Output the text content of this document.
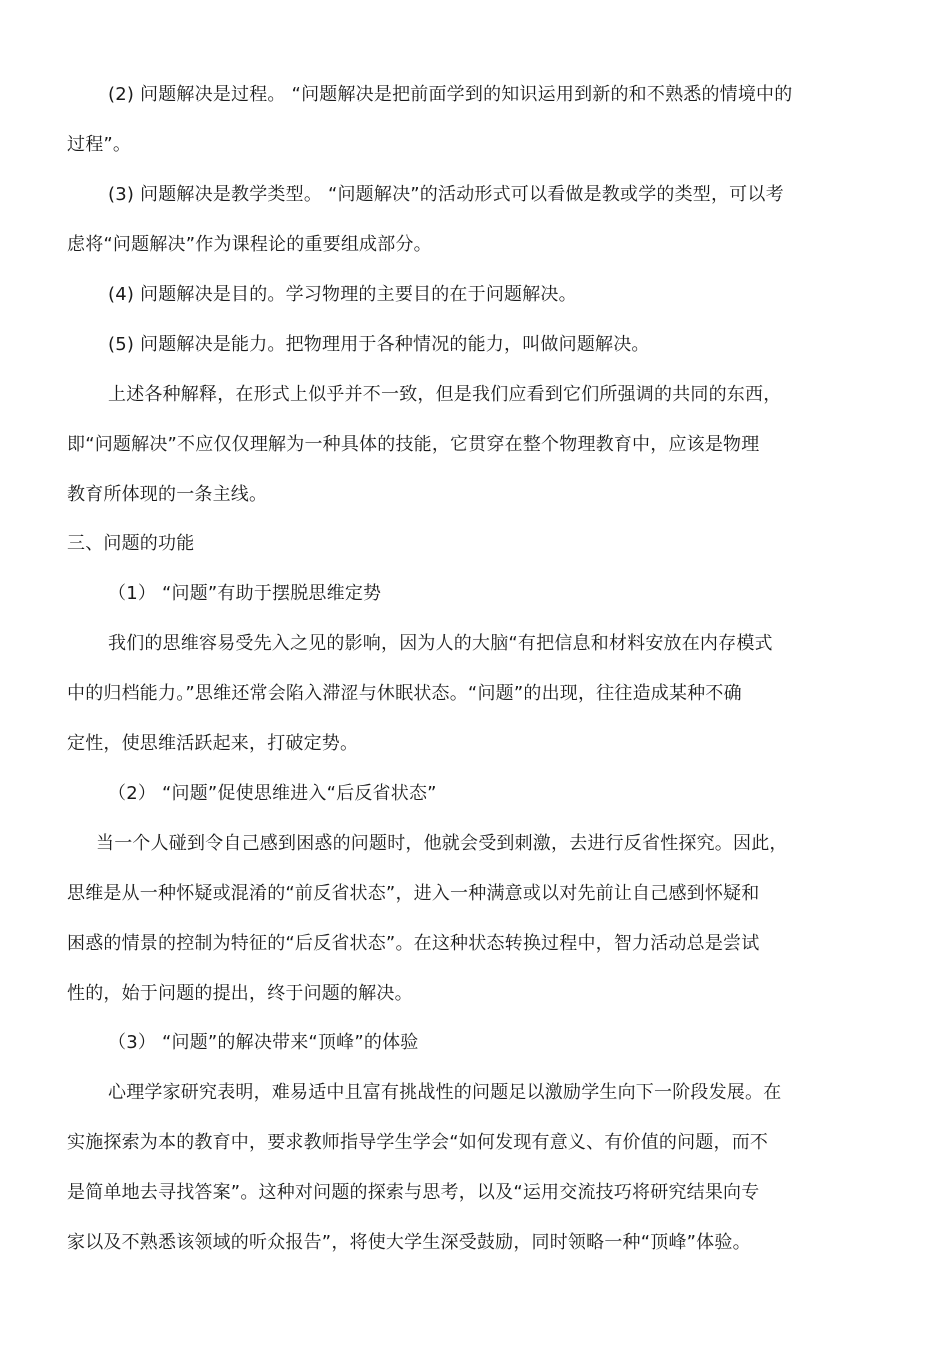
(2) 问题解决是过程。 “问题解决是把前面学到的知识运用到新的和不熟悉的情境中的
过程”。
(3) 问题解决是教学类型。 “问题解决”的活动形式可以看做是教或学的类型，可以考
虑将“问题解决”作为课程论的重要组成部分。
(4) 问题解决是目的。学习物理的主要目的在于问题解决。
(5) 问题解决是能力。把物理用于各种情况的能力，叫做问题解决。
上述各种解释，在形式上似乎并不一致，但是我们应看到它们所强调的共同的东西，
即“问题解决”不应仅仅理解为一种具体的技能，它贯穿在整个物理教育中，应该是物理
教育所体现的一条主线。
三、问题的功能
（1） “问题”有助于摆脱思维定势
我们的思维容易受先入之见的影响，因为人的大脑“有把信息和材料安放在内存模式
中的归档能力。”思维还常会陷入滞涩与休眠状态。“问题”的出现，往往造成某种不确
定性，使思维活跃起来，打破定势。
（2） “问题”促使思维进入“后反省状态”
当一个人碰到令自己感到困惑的问题时，他就会受到刺激，去进行反省性探究。因此，
思维是从一种怀疑或混淆的“前反省状态”，进入一种满意或以对先前让自己感到怀疑和
困惑的情景的控制为特征的“后反省状态”。在这种状态转换过程中，智力活动总是尝试
性的，始于问题的提出，终于问题的解决。
（3） “问题”的解决带来“顶峰”的体验
心理学家研究表明，难易适中且富有挑战性的问题足以激励学生向下一阶段发展。在
实施探索为本的教育中，要求教师指导学生学会“如何发现有意义、有价值的问题，而不
是简单地去寻找答案”。这种对问题的探索与思考，以及“运用交流技巧将研究结果向专
家以及不熟悉该领域的听众报告”，将使大学生深受鼓励，同时领略一种“顶峰”体验。
